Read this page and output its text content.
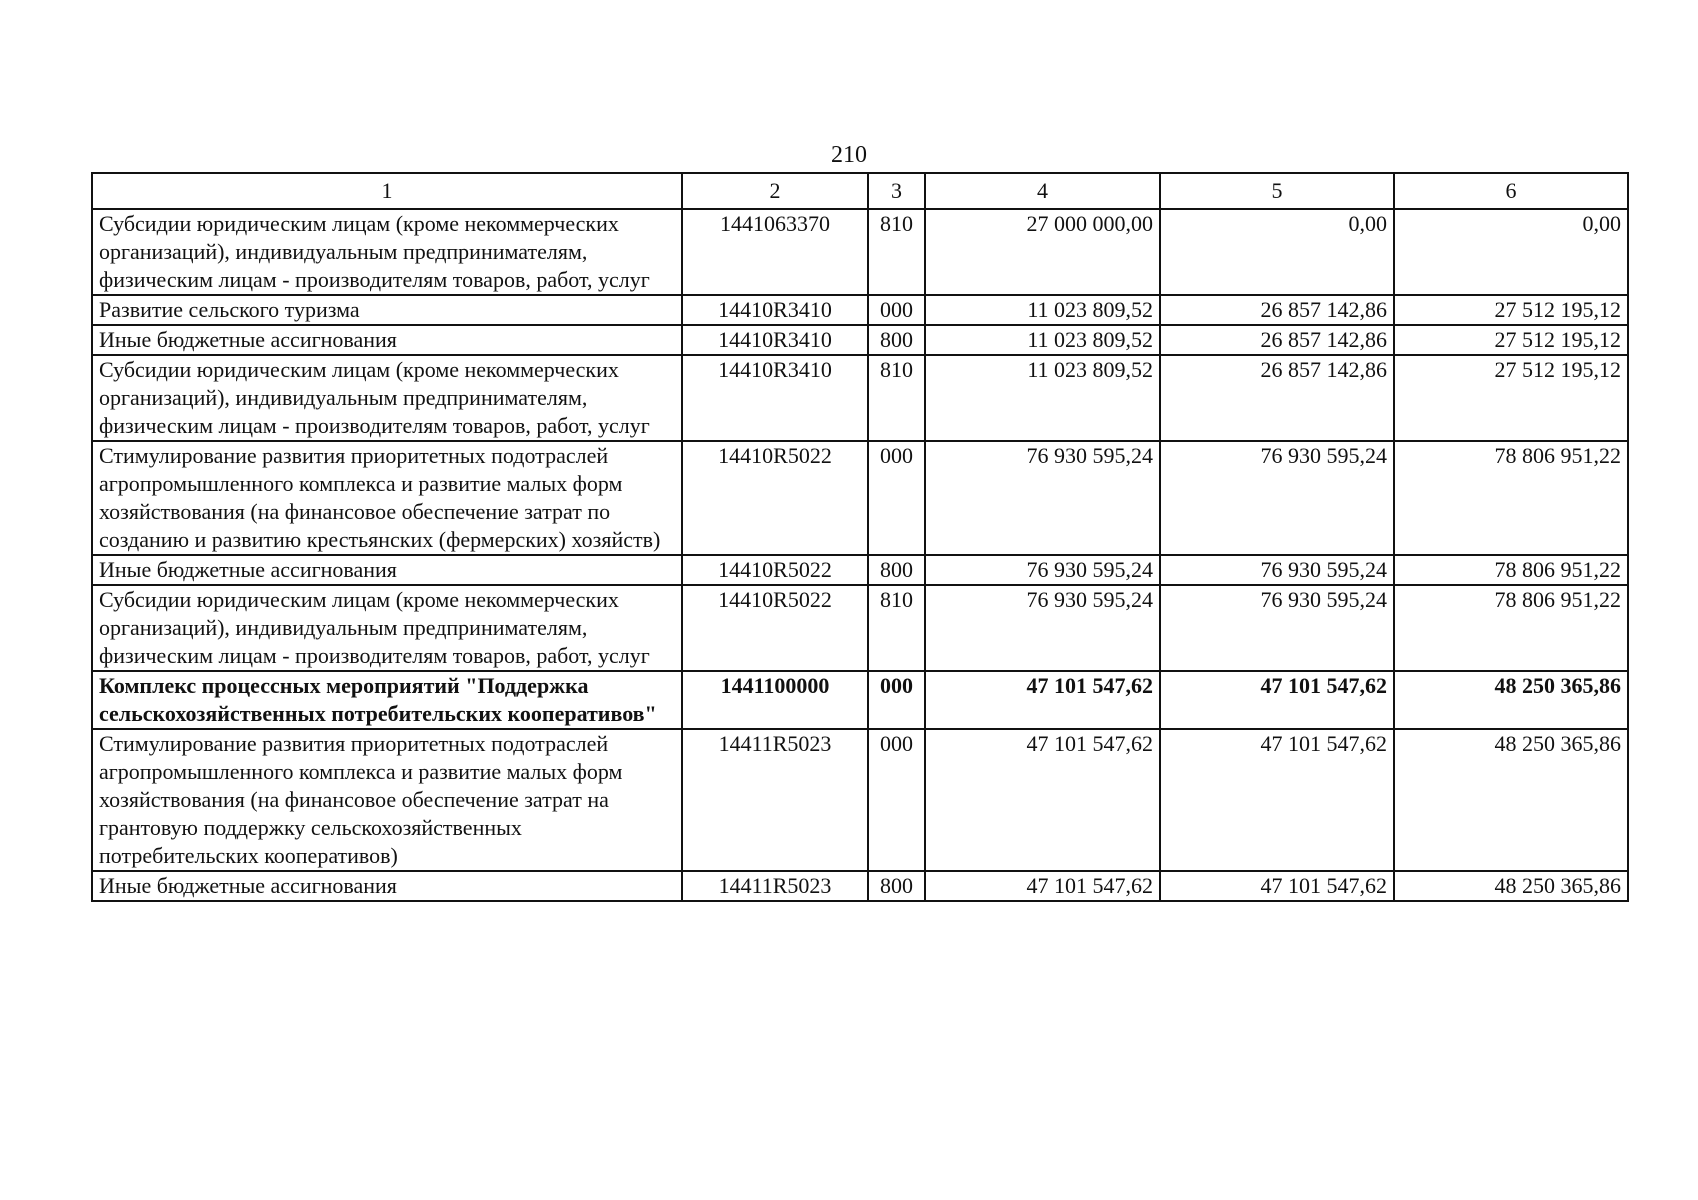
210
1	2	3	4	5	6
Субсидии юридическим лицам (кроме некоммерческих организаций), индивидуальным предпринимателям, физическим лицам - производителям товаров, работ, услуг	1441063370	810	27 000 000,00	0,00	0,00
Развитие сельского туризма	14410R3410	000	11 023 809,52	26 857 142,86	27 512 195,12
Иные бюджетные ассигнования	14410R3410	800	11 023 809,52	26 857 142,86	27 512 195,12
Субсидии юридическим лицам (кроме некоммерческих организаций), индивидуальным предпринимателям, физическим лицам - производителям товаров, работ, услуг	14410R3410	810	11 023 809,52	26 857 142,86	27 512 195,12
Стимулирование развития приоритетных подотраслей агропромышленного комплекса и развитие малых форм хозяйствования (на финансовое обеспечение затрат по созданию и развитию крестьянских (фермерских) хозяйств)	14410R5022	000	76 930 595,24	76 930 595,24	78 806 951,22
Иные бюджетные ассигнования	14410R5022	800	76 930 595,24	76 930 595,24	78 806 951,22
Субсидии юридическим лицам (кроме некоммерческих организаций), индивидуальным предпринимателям, физическим лицам - производителям товаров, работ, услуг	14410R5022	810	76 930 595,24	76 930 595,24	78 806 951,22
Комплекс процессных мероприятий "Поддержка сельскохозяйственных потребительских кооперативов"	1441100000	000	47 101 547,62	47 101 547,62	48 250 365,86
Стимулирование развития приоритетных подотраслей агропромышленного комплекса и развитие малых форм хозяйствования (на финансовое обеспечение затрат на грантовую поддержку сельскохозяйственных потребительских кооперативов)	14411R5023	000	47 101 547,62	47 101 547,62	48 250 365,86
Иные бюджетные ассигнования	14411R5023	800	47 101 547,62	47 101 547,62	48 250 365,86
